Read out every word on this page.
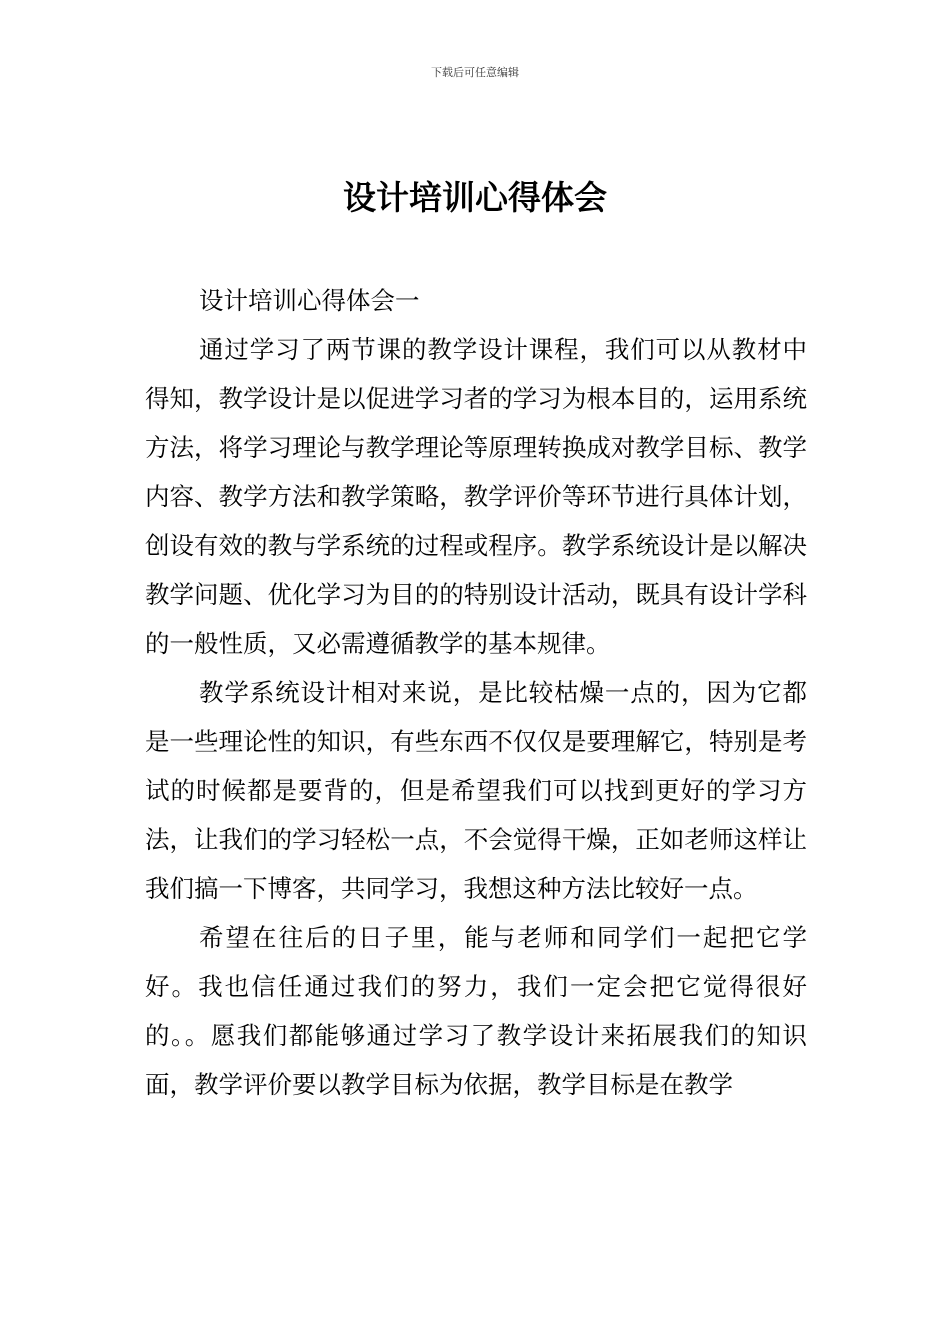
下载后可任意编辑
设计培训心得体会

设计培训心得体会一

通过学习了两节课的教学设计课程，我们可以从教材中得知，教学设计是以促进学习者的学习为根本目的，运用系统方法，将学习理论与教学理论等原理转换成对教学目标、教学内容、教学方法和教学策略，教学评价等环节进行具体计划，创设有效的教与学系统的过程或程序。教学系统设计是以解决教学问题、优化学习为目的的特别设计活动，既具有设计学科的一般性质，又必需遵循教学的基本规律。

教学系统设计相对来说，是比较枯燥一点的，因为它都是一些理论性的知识，有些东西不仅仅是要理解它，特别是考试的时候都是要背的，但是希望我们可以找到更好的学习方法，让我们的学习轻松一点，不会觉得干燥，正如老师这样让我们搞一下博客，共同学习，我想这种方法比较好一点。

希望在往后的日子里，能与老师和同学们一起把它学好。我也信任通过我们的努力，我们一定会把它觉得很好的。。愿我们都能够通过学习了教学设计来拓展我们的知识面，教学评价要以教学目标为依据，教学目标是在教学
